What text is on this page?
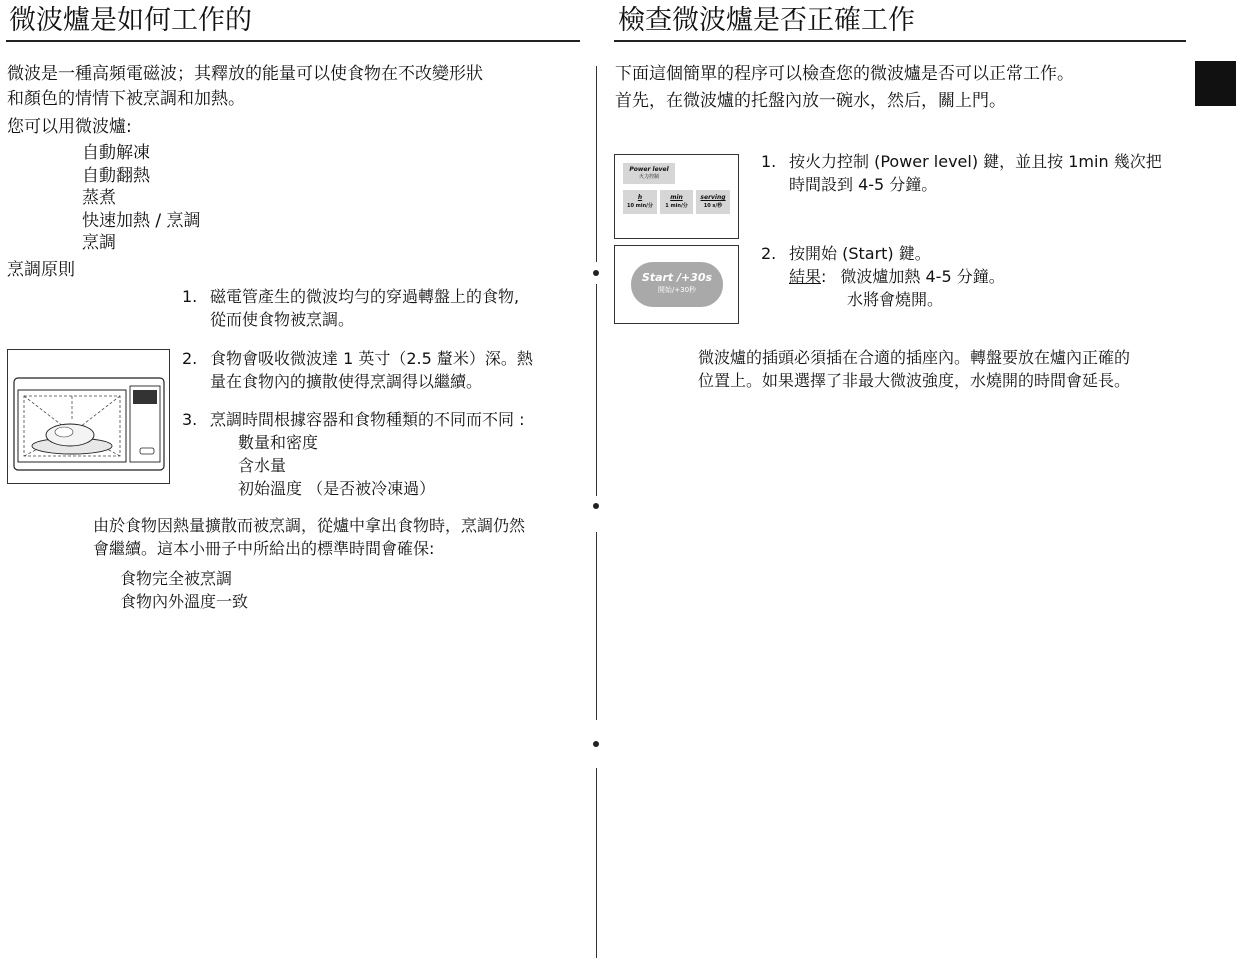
微波爐是如何工作的
微波是一種高頻電磁波；其釋放的能量可以使食物在不改變形狀
和顏色的情情下被烹調和加熱。
您可以用微波爐:
自動解凍
自動翻熱
蒸煮
快速加熱 / 烹調
烹調
烹調原則
1. 磁電管產生的微波均勻的穿過轉盤上的食物,
從而使食物被烹調。
2. 食物會吸收微波達 1 英寸（2.5 釐米）深。熱
量在食物內的擴散使得烹調得以繼續。
3. 烹調時間根據容器和食物種類的不同而不同 :
數量和密度
含水量
初始溫度 （是否被冷凍過）
由於食物因熱量擴散而被烹調，從爐中拿出食物時，烹調仍然
會繼續。這本小冊子中所給出的標準時間會確保:
食物完全被烹調
食物內外溫度一致
檢查微波爐是否正確工作
下面這個簡單的程序可以檢查您的微波爐是否可以正常工作。
首先，在微波爐的托盤內放一碗水，然后，關上門。
Power level
火力控制
h
10 min/分
min
1 min/分
serving
10 s/秒
Start /+30s
開始/+30秒
1. 按火力控制 (Power level) 鍵，並且按 1min 幾次把
時間設到 4-5 分鐘。
2. 按開始 (Start) 鍵。
結果 : 微波爐加熱 4-5 分鐘。
水將會燒開。
微波爐的插頭必須插在合適的插座內。轉盤要放在爐內正確的
位置上。如果選擇了非最大微波強度，水燒開的時間會延長。
